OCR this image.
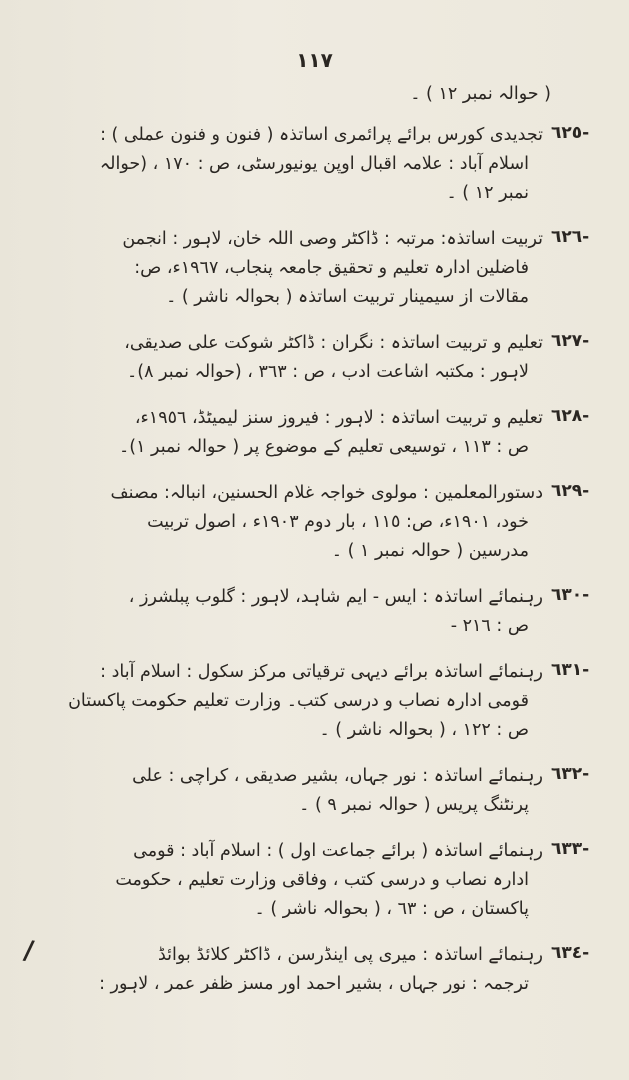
١١٧
( حوالہ نمبر ١٢ ) ۔
-٦٢٥
تجدیدی کورس برائے پرائمری اساتذہ ( فنون و فنون عملی ) :
اسلام آباد : علامہ اقبال اوپن یونیورسٹی، ص : ١٧٠ ، (حوالہ
نمبر ١٢ ) ۔
-٦٢٦
تربیت اساتذہ: مرتبہ : ڈاکٹر وصی اللہ خان، لاہور : انجمن
فاضلین ادارہ تعلیم و تحقیق جامعہ پنجاب، ١٩٦٧ء، ص:
مقالات از سیمینار تربیت اساتذہ ( بحوالہ ناشر ) ۔
-٦٢٧
تعلیم و تربیت اساتذہ : نگران : ڈاکٹر شوکت علی صدیقی،
لاہور : مکتبہ اشاعت ادب ، ص : ٣٦٣ ، (حوالہ نمبر ٨)۔
-٦٢٨
تعلیم و تربیت اساتذہ : لاہور : فیروز سنز لیمیٹڈ، ١٩٥٦ء،
ص : ١١٣ ، توسیعی تعلیم کے موضوع پر ( حوالہ نمبر ١)۔
-٦٢٩
دستورالمعلمین : مولوی خواجہ غلام الحسنین، انبالہ: مصنف
خود، ١٩٠١ء، ص: ١١٥ ، بار دوم ١٩٠٣ء ، اصول تربیت
مدرسین ( حوالہ نمبر ١ ) ۔
-٦٣٠
رہنمائے اساتذہ : ایس - ایم شاہد، لاہور : گلوب پبلشرز ،
ص : ٢١٦ -
-٦٣١
رہنمائے اساتذہ برائے دیہی ترقیاتی مرکز سکول : اسلام آباد :
قومی ادارہ نصاب و درسی کتب۔ وزارت تعلیم حکومت پاکستان
ص : ١٢٢ ، ( بحوالہ ناشر ) ۔
-٦٣٢
رہنمائے اساتذہ : نور جہاں، بشیر صدیقی ، کراچی : علی
پرنٹنگ پریس ( حوالہ نمبر ٩ ) ۔
-٦٣٣
رہنمائے اساتذہ ( برائے جماعت اول ) : اسلام آباد : قومی
ادارہ نصاب و درسی کتب ، وفاقی وزارت تعلیم ، حکومت
پاکستان ، ص : ٦٣ ، ( بحوالہ ناشر ) ۔
-٦٣٤
رہنمائے اساتذہ : میری پی اینڈرسن ، ڈاکٹر کلائڈ بوائڈ
ترجمہ : نور جہاں ، بشیر احمد اور مسز ظفر عمر ، لاہور :
/
